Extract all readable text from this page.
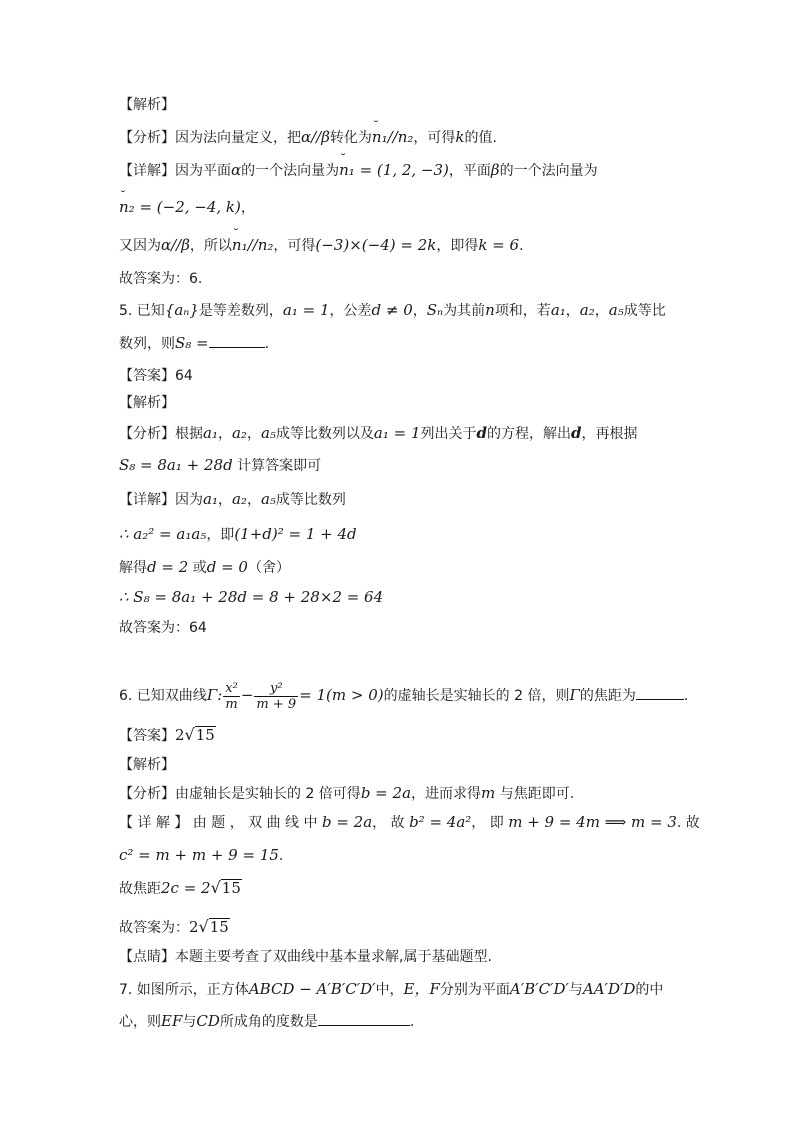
【解析】
【分析】因为法向量定义，把α//β转化为˘ n₁//n₂，可得k的值.
【详解】因为平面α的一个法向量为˘ n₁ = (1, 2, −3)，平面β的一个法向量为
˘ n₂ = (−2, −4, k)，
又因为α//β，所以˘ n₁//n₂，可得(−3)×(−4) = 2k，即得k = 6.
故答案为：6.
5. 已知{aₙ}是等差数列，a₁ = 1，公差d ≠ 0，Sₙ为其前n项和，若a₁，a₂，a₅成等比
数列，则S₈ =	.
【答案】64
【解析】
【分析】根据a₁，a₂，a₅成等比数列以及a₁ = 1列出关于d的方程，解出d，再根据
S₈ = 8a₁ + 28d 计算答案即可
【详解】因为a₁，a₂，a₅成等比数列
∴ a₂² = a₁a₅，即(1+d)² = 1 + 4d
解得d = 2 或d = 0（舍）
∴ S₈ = 8a₁ + 28d = 8 + 28×2 = 64
故答案为：64
6. 已知双曲线Γ: $\frac{\text{x²}}{m} - \frac{\text{y²}}{m + 9} = 1(m > 0)$的虚轴长是实轴长的 2 倍，则Γ的焦距为	.
【答案】2√15
【解析】
【分析】由虚轴长是实轴长的 2 倍可得b = 2a，进而求得m 与焦距即可.
【 详 解 】 由 题 ， 双 曲 线 中 b = 2a， 故 b² = 4a²， 即 m + 9 = 4m ⟹ m = 3. 故
c² = m + m + 9 = 15.
故焦距2c = 2√15
故答案为：2√15
【点睛】本题主要考查了双曲线中基本量求解,属于基础题型.
7. 如图所示，正方体ABCD − A′B′C′D′中，E，F分别为平面A′B′C′D′与AA′D′D的中
心，则EF与CD所成角的度数是	.
